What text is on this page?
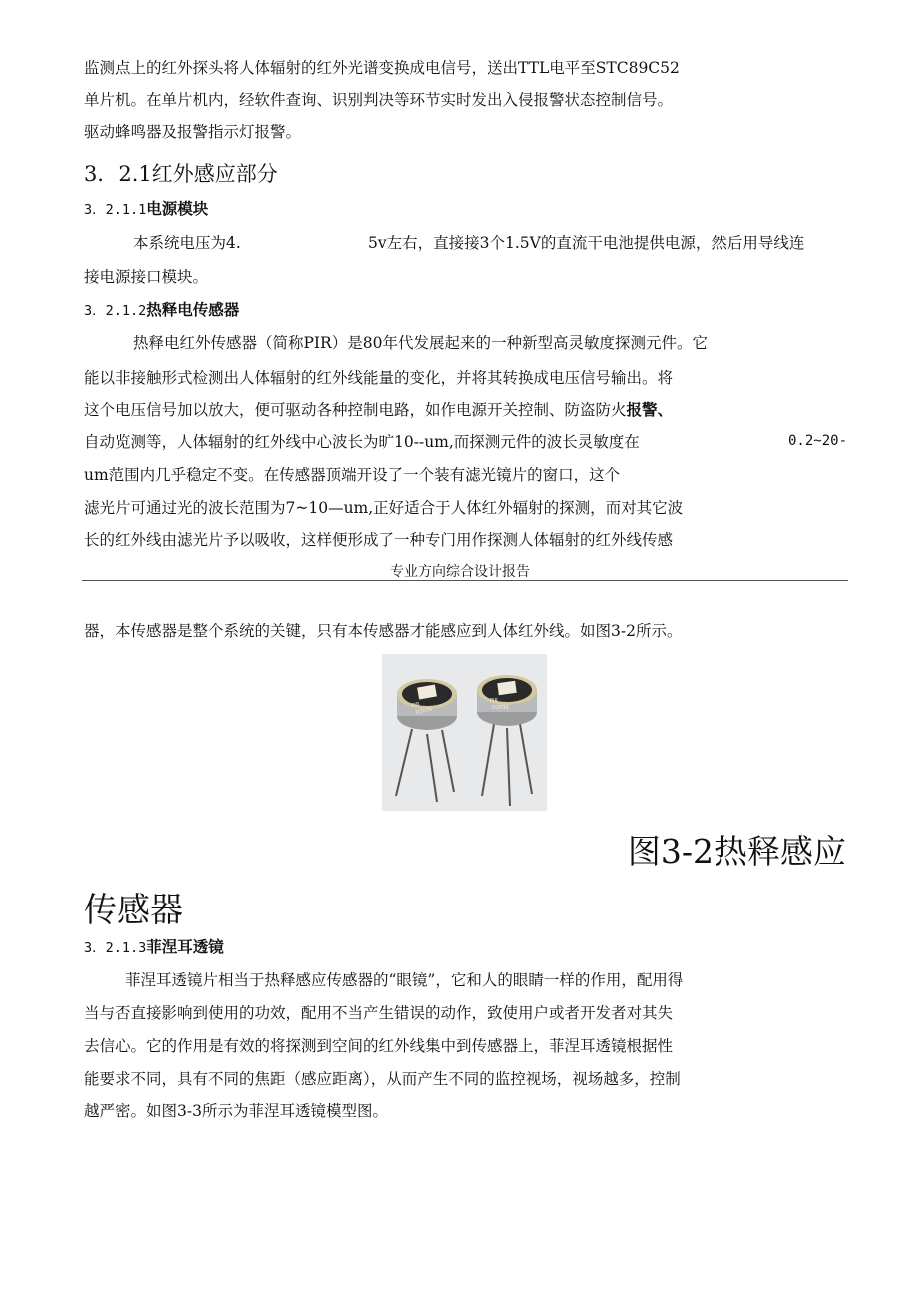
监测点上的红外探头将人体辐射的红外光谱变换成电信号，送出TTL电平至STC89C52
单片机。在单片机内，经软件查询、识别判决等环节实时发出入侵报警状态控制信号。
驱动蜂鸣器及报警指示灯报警。
3．2.1红外感应部分
3．2.1.1电源模块
本系统电压为4.	5v左右，直接接3个1.5V的直流干电池提供电源，然后用导线连
接电源接口模块。
3．2.1.2热释电传感器
热释电红外传感器（简称PIR）是80年代发展起来的一种新型高灵敏度探测元件。它
能以非接触形式检测出人体辐射的红外线能量的变化，并将其转换成电压信号输出。将
这个电压信号加以放大，便可驱动各种控制电路，如作电源开关控制、防盗防火报警、
自动览测等，人体辐射的红外线中心波长为旷10--um,而探测元件的波长灵敏度在	0.2~20-
um范围内几乎稳定不变。在传感器顶端开设了一个装有滤光镜片的窗口，这个
滤光片可通过光的波长范围为7~10—um,正好适合于人体红外辐射的探测，而对其它波
长的红外线由滤光片予以吸收，这样便形成了一种专门用作探测人体辐射的红外线传感
专业方向综合设计报告
器，本传感器是整个系统的关键，只有本传感器才能感应到人体红外线。如图3-2所示。
PIR
D203S
PIR
D203S
图3-2热释感应
传感器
3．2.1.3菲涅耳透镜
菲涅耳透镜片相当于热释感应传感器的“眼镜”，它和人的眼睛一样的作用，配用得
当与否直接影响到使用的功效，配用不当产生错误的动作，致使用户或者开发者对其失
去信心。它的作用是有效的将探测到空间的红外线集中到传感器上，菲涅耳透镜根据性
能要求不同，具有不同的焦距（感应距离），从而产生不同的监控视场，视场越多，控制
越严密。如图3-3所示为菲涅耳透镜模型图。
